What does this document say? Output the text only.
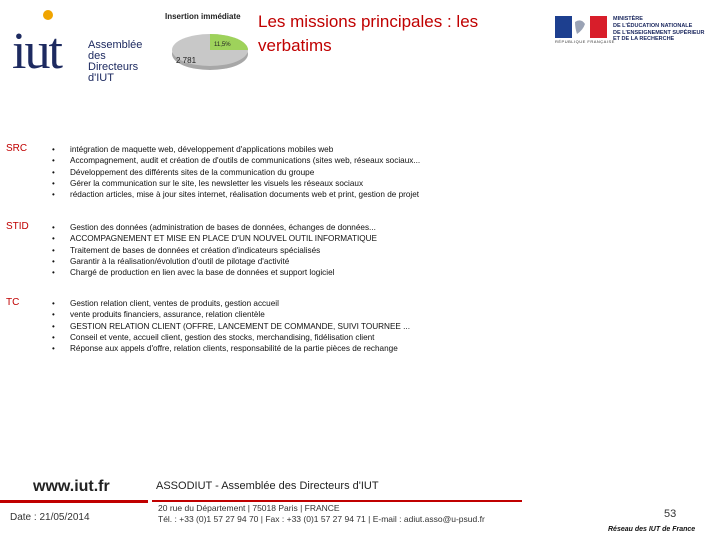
iut Assemblée
des Directeurs
d'IUT
Insertion immédiate
2 781
11,5%
Les missions principales : les verbatims	RÉPUBLIQUE FRANÇAISE
MINISTÈRE
DE L'ÉDUCATION NATIONALE
DE L'ENSEIGNEMENT SUPÉRIEUR
ET DE LA RECHERCHE
SRC	• intégration de maquette web, développement d'applications mobiles web
• Accompagnement, audit et création de d'outils de communications (sites web, réseaux sociaux...
• Développement des différents sites de la communication du groupe
• Gérer la communication sur le site, les newsletter les visuels les réseaux sociaux
• rédaction articles, mise à jour sites internet, réalisation documents web et print, gestion de projet
STID	• Gestion des données (administration de bases de données, échanges de données...
• ACCOMPAGNEMENT ET MISE EN PLACE D'UN NOUVEL OUTIL INFORMATIQUE
• Traitement de bases de données et création d'indicateurs spécialisés
• Garantir à la réalisation/évolution d'outil de pilotage d'activité
• Chargé de production en lien avec la base de données et support logiciel
TC	• Gestion relation client, ventes de produits, gestion accueil
• vente produits financiers, assurance, relation clientèle
• GESTION RELATION CLIENT (OFFRE, LANCEMENT DE COMMANDE, SUIVI TOURNEE ...
• Conseil et vente, accueil client, gestion des stocks, merchandising, fidélisation client
• Réponse aux appels d'offre, relation clients, responsabilité de la partie pièces de rechange
www.iut.fr
Date : 21/05/2014
ASSODIUT - Assemblée des Directeurs d'IUT
20 rue du Département | 75018 Paris | FRANCE
Tél. : +33 (0)1 57 27 94 70 | Fax : +33 (0)1 57 27 94 71 | E-mail : adiut.asso@u-psud.fr	53
Réseau des IUT de France
